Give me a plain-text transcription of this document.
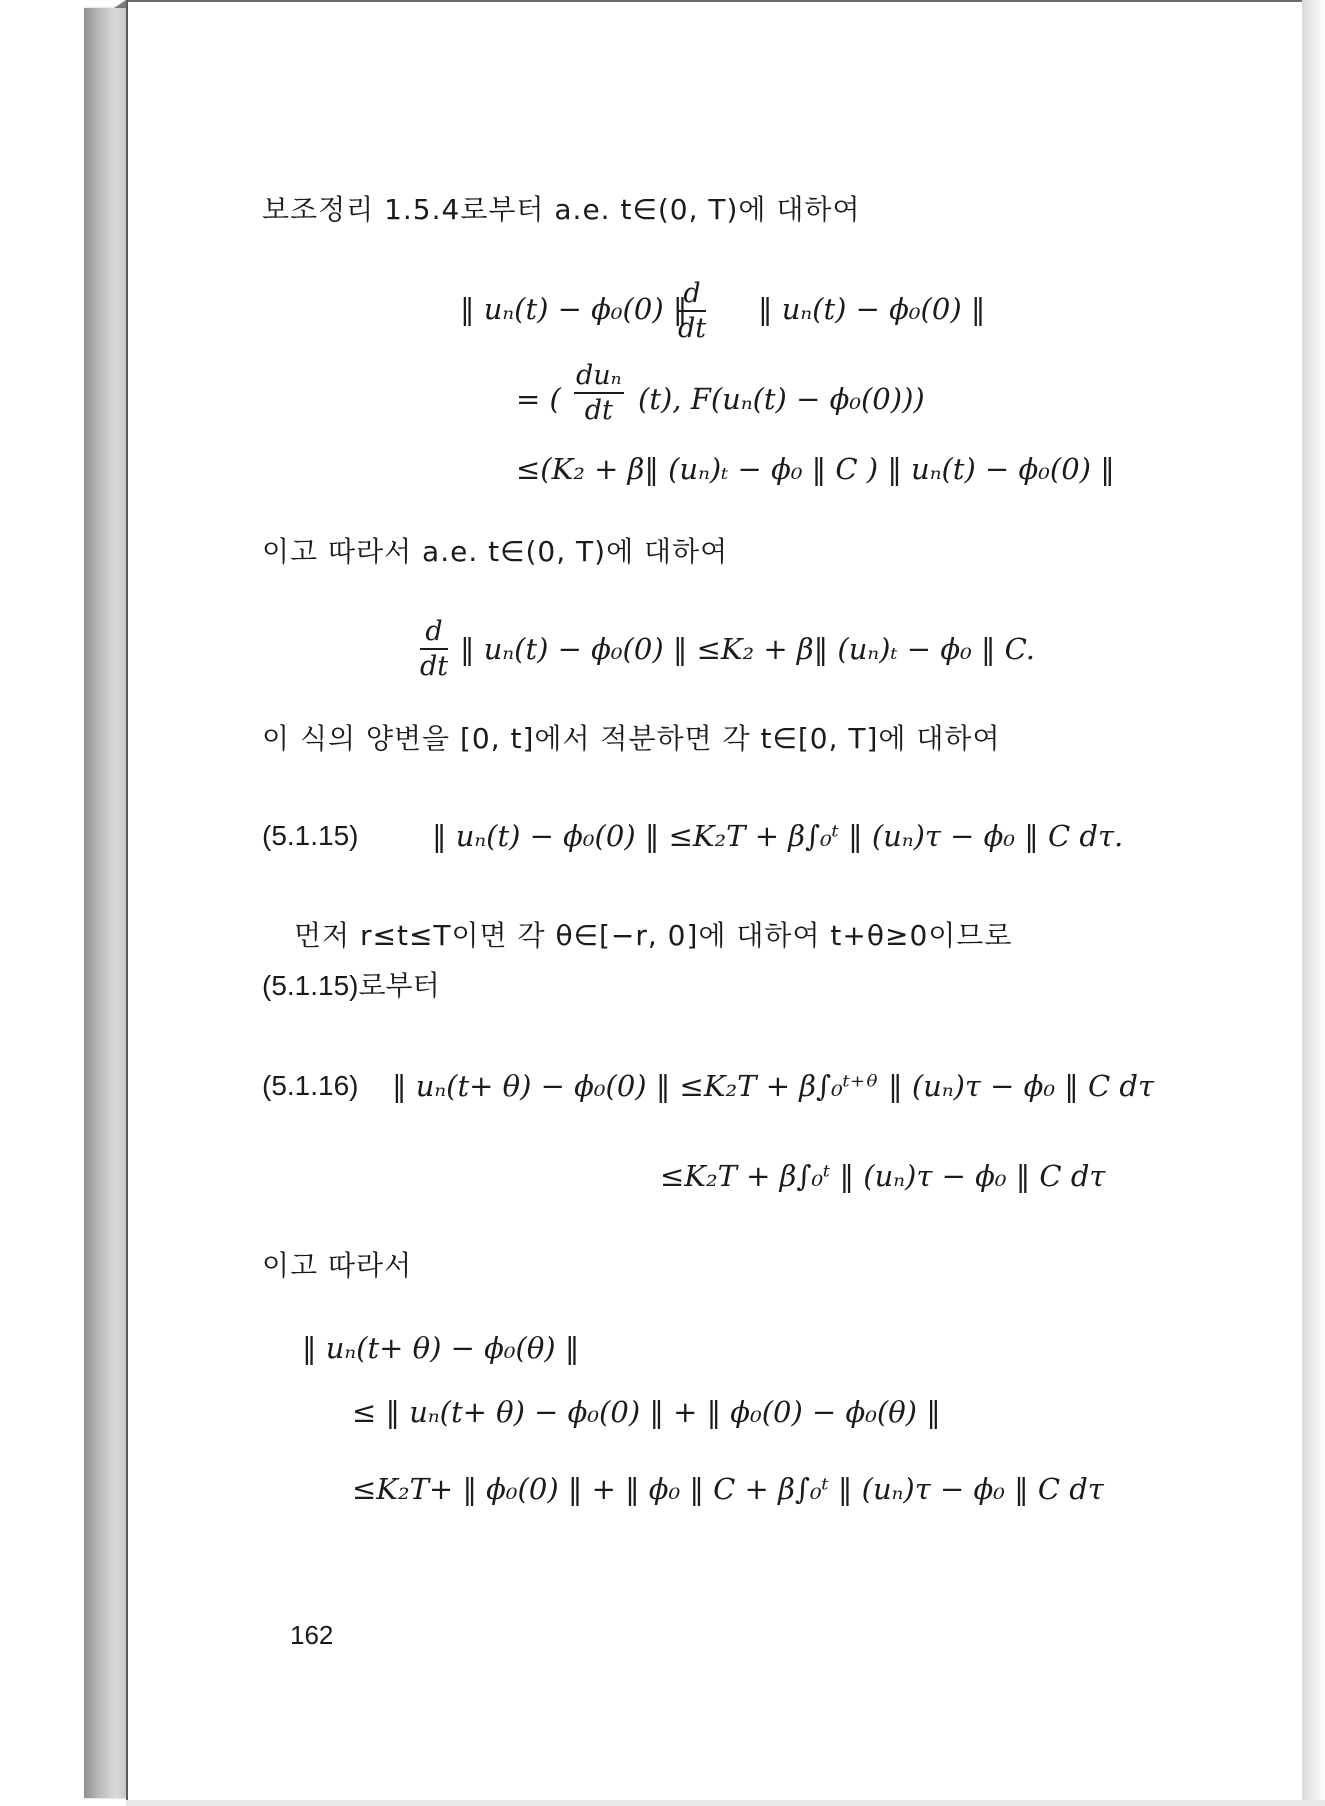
보조정리 1.5.4로부터 a.e. t∈(0, T)에 대하여
‖ uₙ(t) − ϕ₀(0) ‖
$\frac{d}{dt}$ ‖ uₙ(t) − ϕ₀(0) ‖
= (
duₙ
dt (t), F(uₙ(t) − ϕ₀(0)))
≤(K₂ + β‖ (uₙ)ₜ − ϕ₀ ‖ C ) ‖ uₙ(t) − ϕ₀(0) ‖
이고 따라서 a.e. t∈(0, T)에 대하여
$\frac{d}{dt}$ ‖ uₙ(t) − ϕ₀(0) ‖ ≤K₂ + β‖ (uₙ)ₜ − ϕ₀ ‖ C.
이 식의 양변을 [0, t]에서 적분하면 각 t∈[0, T]에 대하여
(5.1.15)	‖ uₙ(t) − ϕ₀(0) ‖ ≤K₂T + β∫₀ᵗ ‖ (uₙ)τ − ϕ₀ ‖ C dτ.
먼저 r≤t≤T이면 각 θ∈[−r, 0]에 대하여 t+θ≥0이므로
(5.1.15)로부터
(5.1.16) ‖ uₙ(t+ θ) − ϕ₀(0) ‖ ≤K₂T + β∫₀ᵗ⁺ᶿ ‖ (uₙ)τ − ϕ₀ ‖ C dτ
≤K₂T + β∫₀ᵗ ‖ (uₙ)τ − ϕ₀ ‖ C dτ
이고 따라서
‖ uₙ(t+ θ) − ϕ₀(θ) ‖
≤ ‖ uₙ(t+ θ) − ϕ₀(0) ‖ + ‖ ϕ₀(0) − ϕ₀(θ) ‖
≤K₂T+ ‖ ϕ₀(0) ‖ + ‖ ϕ₀ ‖ C + β∫₀ᵗ ‖ (uₙ)τ − ϕ₀ ‖ C dτ
162
